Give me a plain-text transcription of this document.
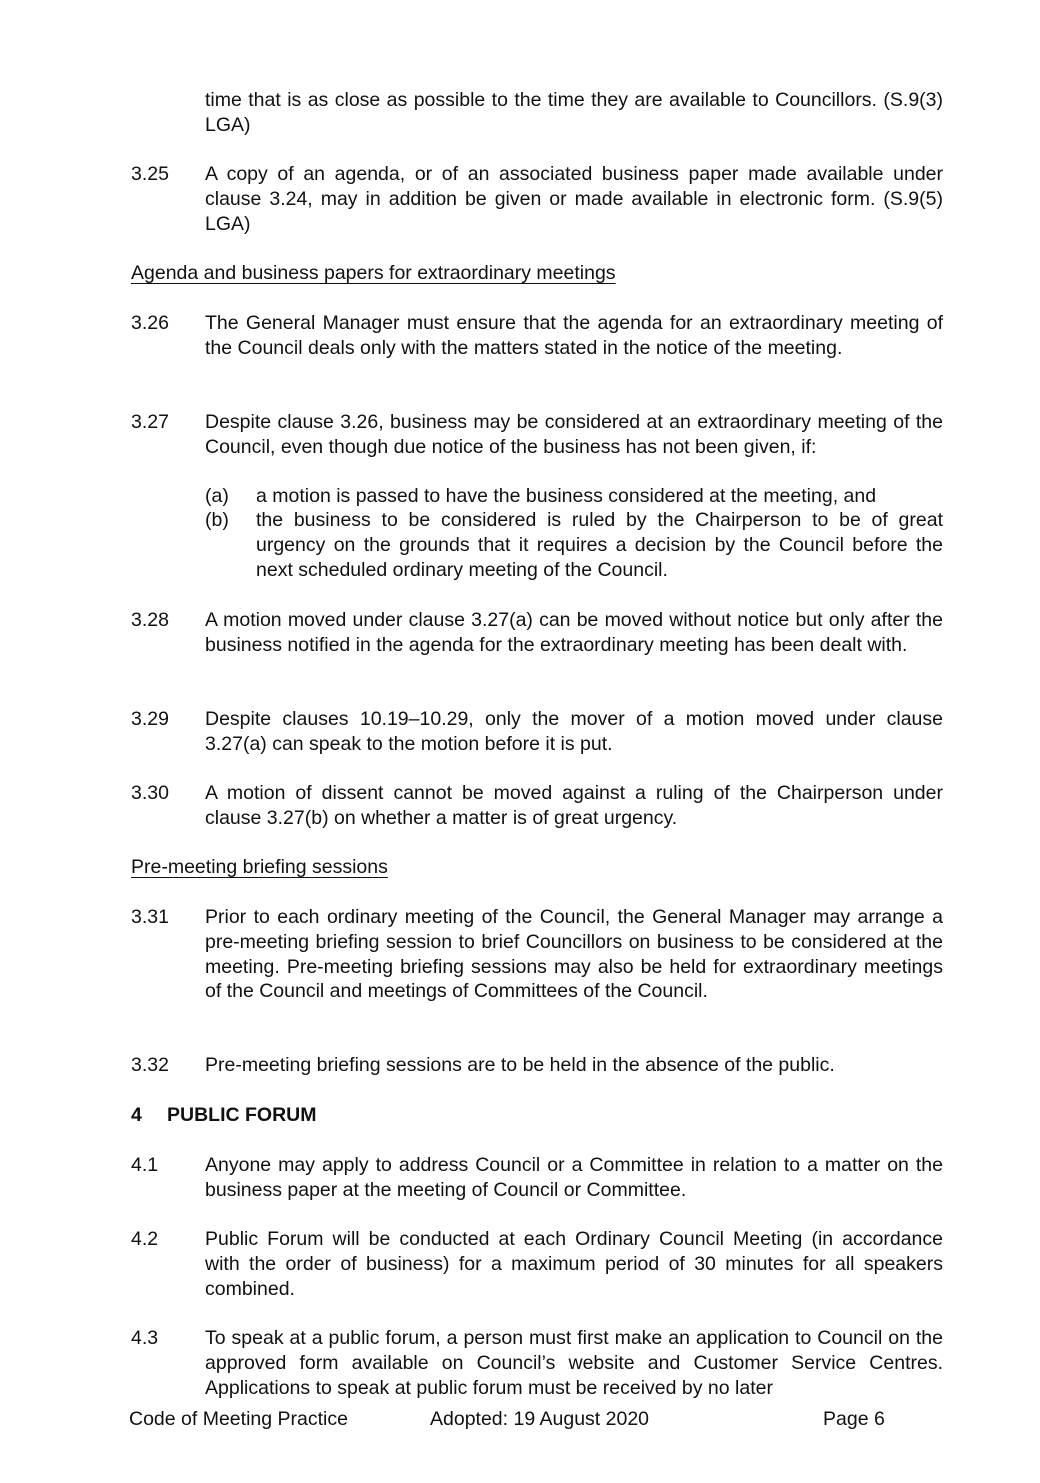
time that is as close as possible to the time they are available to Councillors. (S.9(3) LGA)
3.25	A copy of an agenda, or of an associated business paper made available under clause 3.24, may in addition be given or made available in electronic form. (S.9(5) LGA)
Agenda and business papers for extraordinary meetings
3.26	The General Manager must ensure that the agenda for an extraordinary meeting of the Council deals only with the matters stated in the notice of the meeting.
3.27	Despite clause 3.26, business may be considered at an extraordinary meeting of the Council, even though due notice of the business has not been given, if:
(a) a motion is passed to have the business considered at the meeting, and
(b) the business to be considered is ruled by the Chairperson to be of great urgency on the grounds that it requires a decision by the Council before the next scheduled ordinary meeting of the Council.
3.28	A motion moved under clause 3.27(a) can be moved without notice but only after the business notified in the agenda for the extraordinary meeting has been dealt with.
3.29	Despite clauses 10.19–10.29, only the mover of a motion moved under clause 3.27(a) can speak to the motion before it is put.
3.30	A motion of dissent cannot be moved against a ruling of the Chairperson under clause 3.27(b) on whether a matter is of great urgency.
Pre-meeting briefing sessions
3.31	Prior to each ordinary meeting of the Council, the General Manager may arrange a pre-meeting briefing session to brief Councillors on business to be considered at the meeting. Pre-meeting briefing sessions may also be held for extraordinary meetings of the Council and meetings of Committees of the Council.
3.32	Pre-meeting briefing sessions are to be held in the absence of the public.
4 PUBLIC FORUM
4.1	Anyone may apply to address Council or a Committee in relation to a matter on the business paper at the meeting of Council or Committee.
4.2	Public Forum will be conducted at each Ordinary Council Meeting (in accordance with the order of business) for a maximum period of 30 minutes for all speakers combined.
4.3	To speak at a public forum, a person must first make an application to Council on the approved form available on Council’s website and Customer Service Centres. Applications to speak at public forum must be received by no later
Code of Meeting Practice	Adopted: 19 August 2020	Page 6
